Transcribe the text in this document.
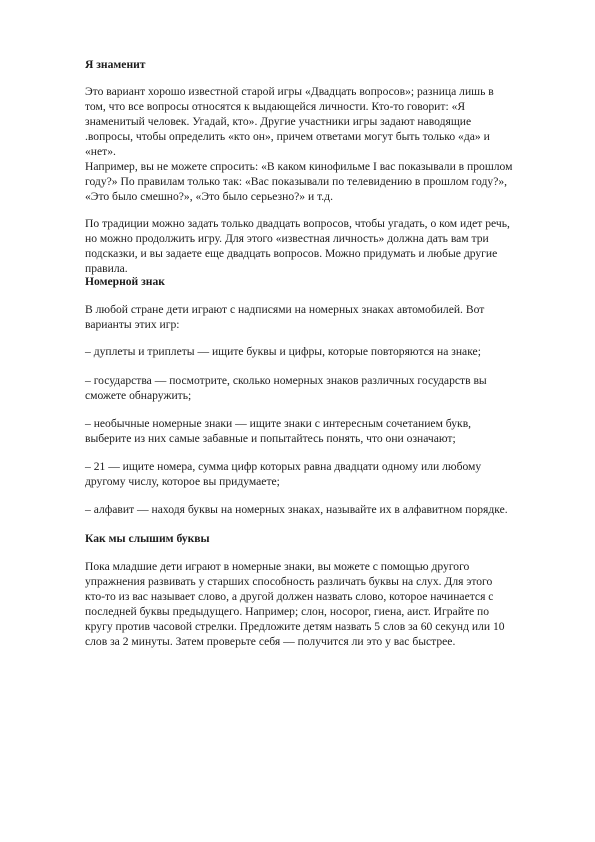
Я знаменит

Это вариант хорошо известной старой игры «Двадцать вопросов»; разница лишь в том, что все вопросы относятся к выдающейся личности. Кто-то говорит: «Я знаменитый человек. Угадай, кто». Другие участники игры задают наводящие .вопросы, чтобы определить «кто он», причем ответами могут быть только «да» и «нет».

Например, вы не можете спросить: «В каком кинофильме I вас показывали в прошлом году?» По правилам только так: «Вас показывали по телевидению в прошлом году?», «Это было смешно?», «Это было серьезно?» и т.д.

По традиции можно задать только двадцать вопросов, чтобы угадать, о ком идет речь, но можно продолжить игру. Для этого «известная личность» должна дать вам три подсказки, и вы задаете еще двадцать вопросов. Можно придумать и любые другие правила.

Номерной знак

В любой стране дети играют с надписями на номерных знаках автомобилей. Вот варианты этих игр:

– дуплеты и триплеты — ищите буквы и цифры, которые повторяются на знаке;

– государства — посмотрите, сколько номерных знаков различных государств вы сможете обнаружить;

– необычные номерные знаки — ищите знаки с интересным сочетанием букв, выберите из них самые забавные и попытайтесь понять, что они означают;

– 21 — ищите номера, сумма цифр которых равна двадцати одному или любому другому числу, которое вы придумаете;

– алфавит — находя буквы на номерных знаках, называйте их в алфавитном порядке.

Как мы слышим буквы

Пока младшие дети играют в номерные знаки, вы можете с помощью другого упражнения развивать у старших способность различать буквы на слух. Для этого кто-то из вас называет слово, а другой должен назвать слово, которое начинается с последней буквы предыдущего. Например; слон, носорог, гиена, аист. Играйте по кругу против часовой стрелки. Предложите детям назвать 5 слов за 60 секунд или 10 слов за 2 минуты. Затем проверьте себя — получится ли это у вас быстрее.
